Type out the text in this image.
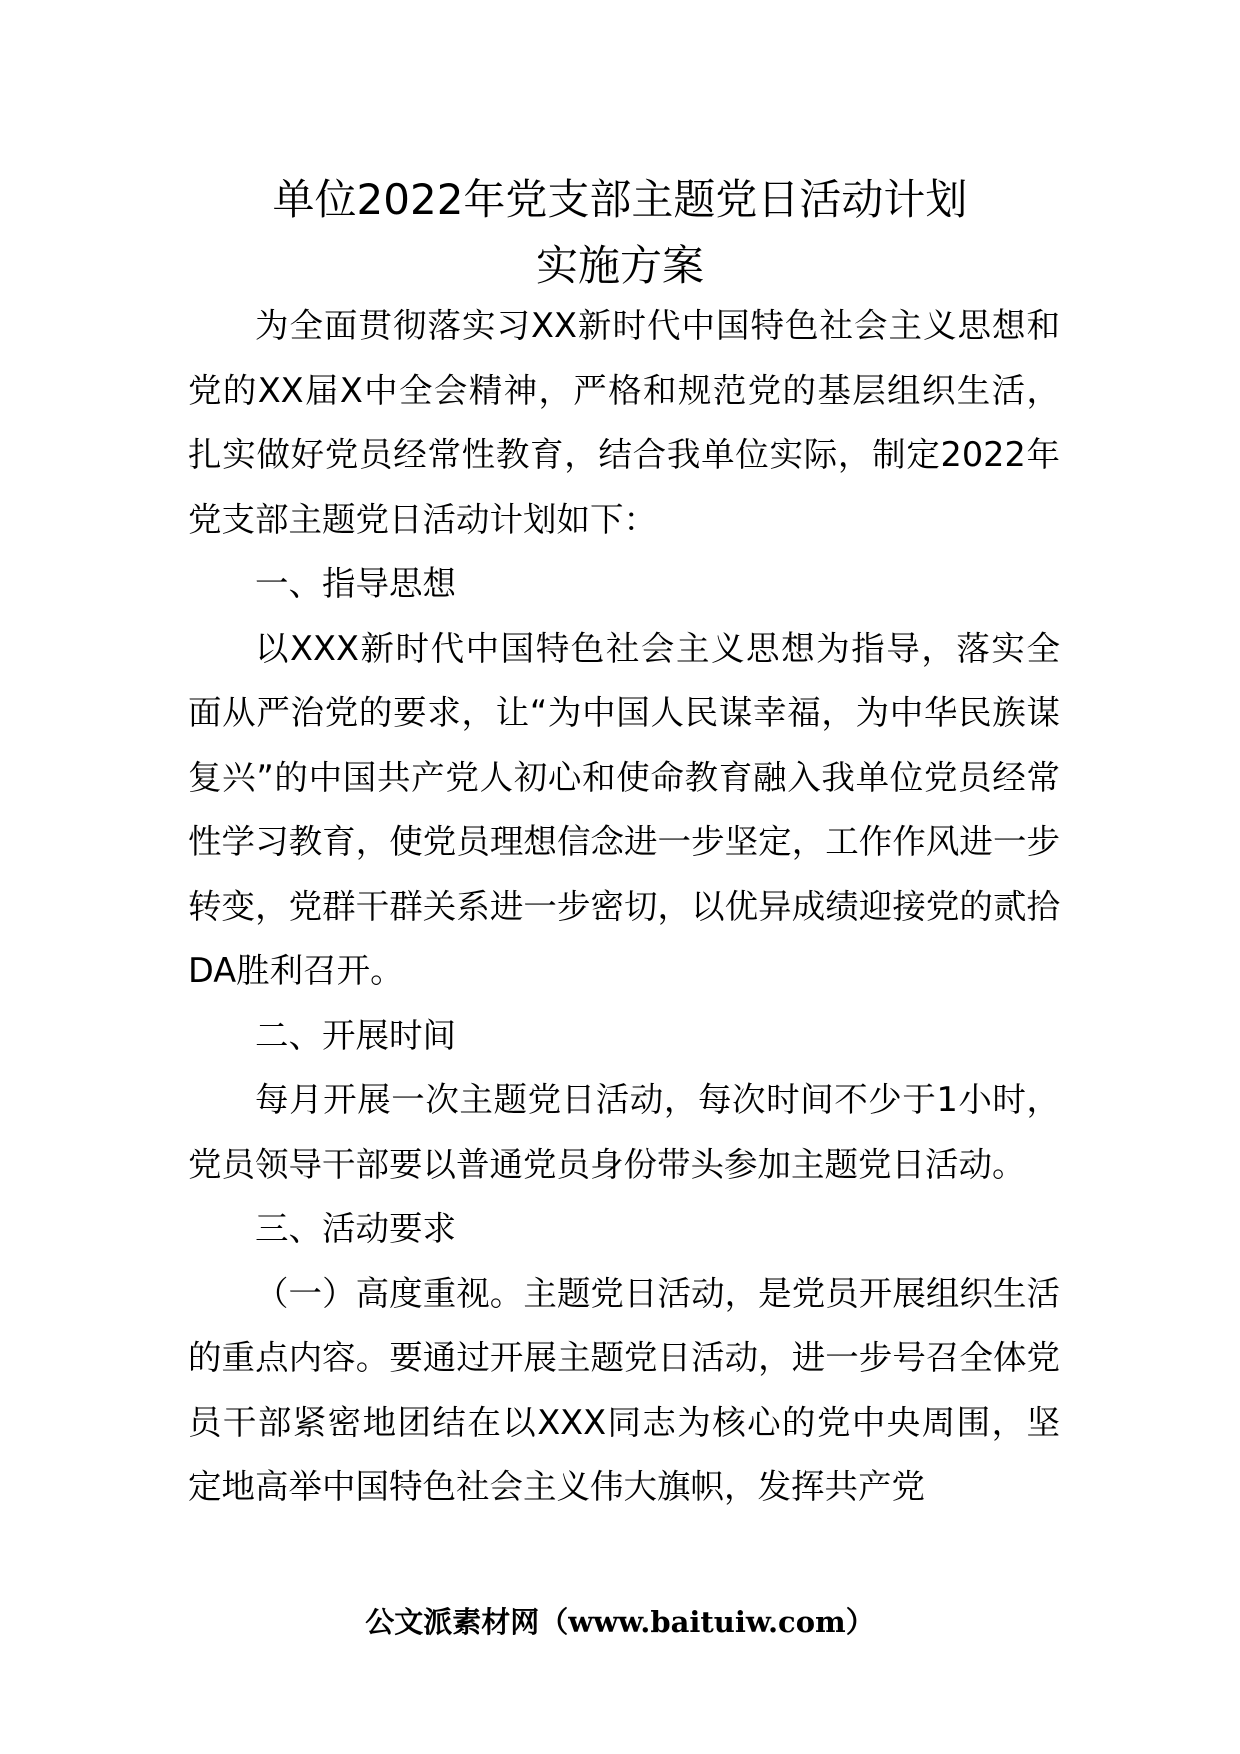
单位2022年党支部主题党日活动计划
实施方案

为全面贯彻落实习XX新时代中国特色社会主义思想和党的XX届X中全会精神，严格和规范党的基层组织生活，扎实做好党员经常性教育，结合我单位实际，制定2022年党支部主题党日活动计划如下：

一、指导思想

以XXX新时代中国特色社会主义思想为指导，落实全面从严治党的要求，让“为中国人民谋幸福，为中华民族谋复兴”的中国共产党人初心和使命教育融入我单位党员经常性学习教育，使党员理想信念进一步坚定，工作作风进一步转变，党群干群关系进一步密切，以优异成绩迎接党的贰拾DA胜利召开。

二、开展时间

每月开展一次主题党日活动，每次时间不少于1小时，党员领导干部要以普通党员身份带头参加主题党日活动。

三、活动要求

（一）高度重视。主题党日活动，是党员开展组织生活的重点内容。要通过开展主题党日活动，进一步号召全体党员干部紧密地团结在以XXX同志为核心的党中央周围，坚定地高举中国特色社会主义伟大旗帜，发挥共产党

公文派素材网（www.baituiw.com）
